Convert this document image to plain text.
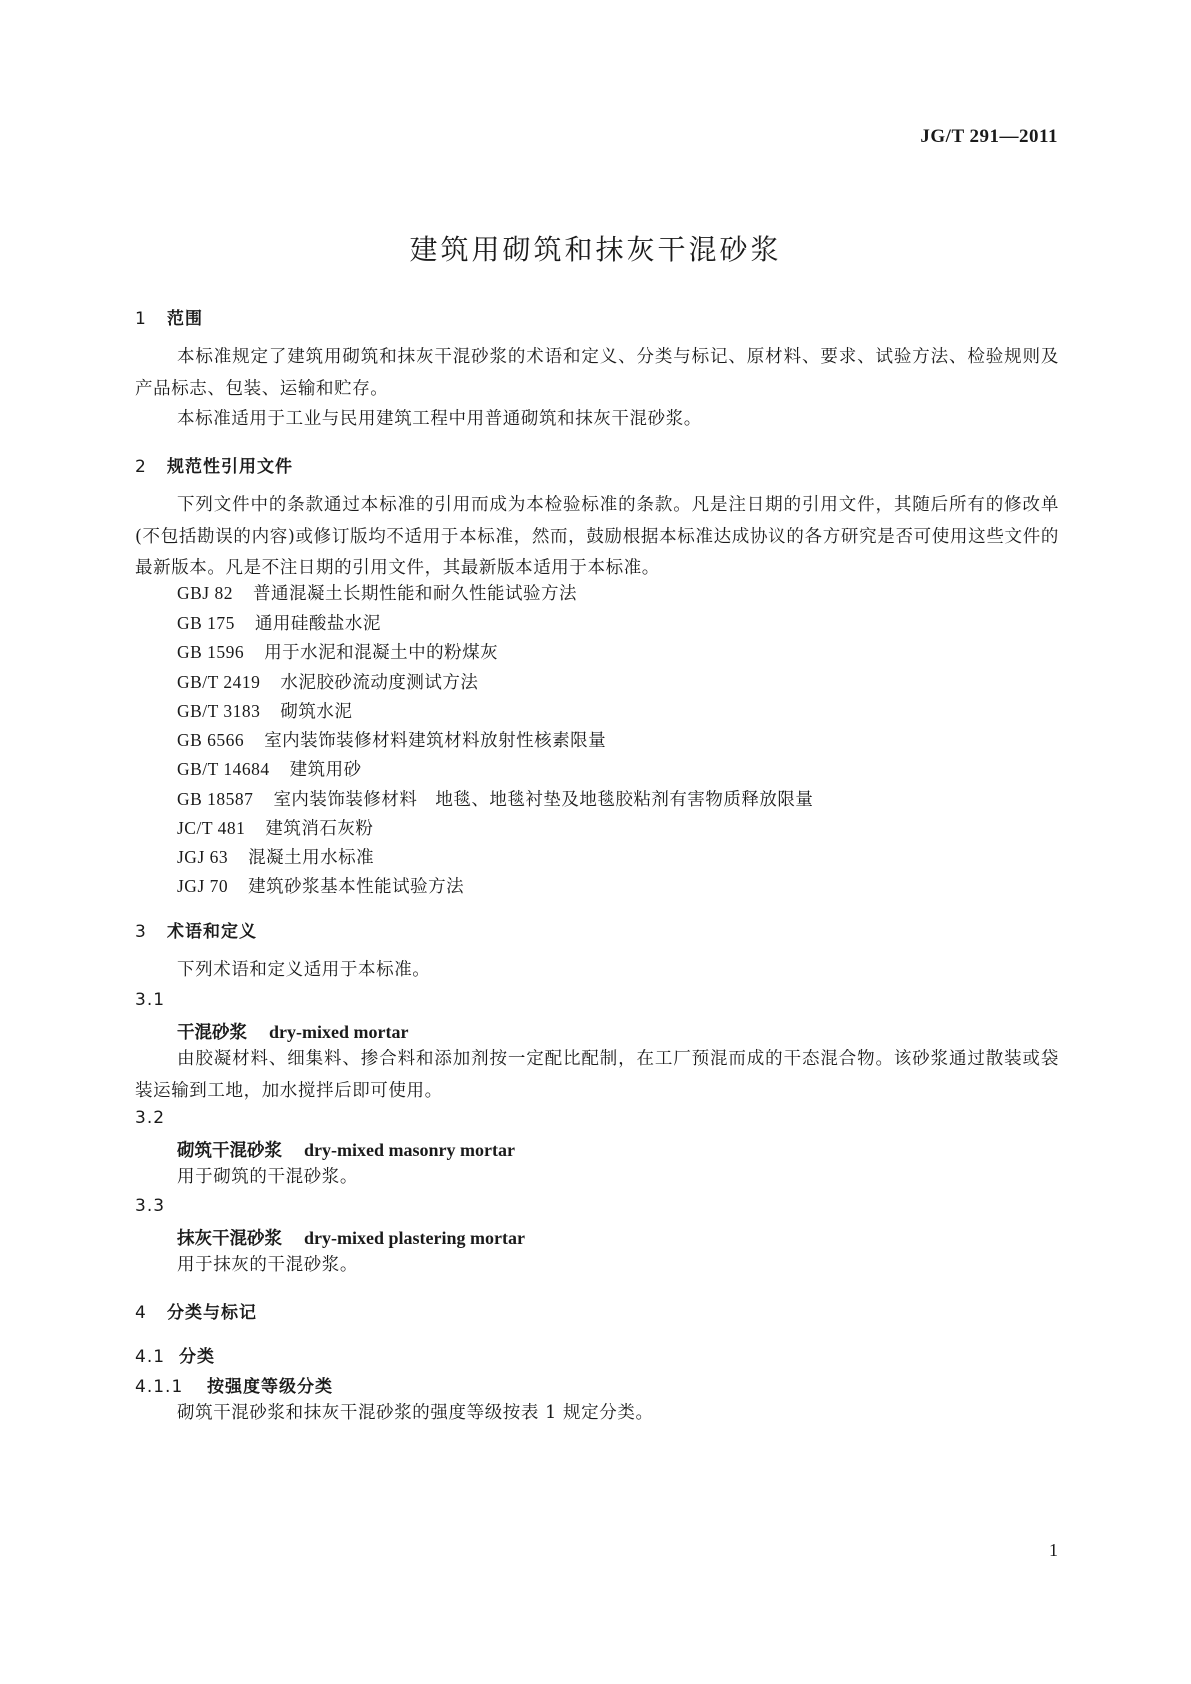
JG/T 291—2011
建筑用砌筑和抹灰干混砂浆
1 范围
本标准规定了建筑用砌筑和抹灰干混砂浆的术语和定义、分类与标记、原材料、要求、试验方法、检验规则及产品标志、包装、运输和贮存。
本标准适用于工业与民用建筑工程中用普通砌筑和抹灰干混砂浆。
2 规范性引用文件
下列文件中的条款通过本标准的引用而成为本检验标准的条款。凡是注日期的引用文件，其随后所有的修改单(不包括勘误的内容)或修订版均不适用于本标准，然而，鼓励根据本标准达成协议的各方研究是否可使用这些文件的最新版本。凡是不注日期的引用文件，其最新版本适用于本标准。
GBJ 82 普通混凝土长期性能和耐久性能试验方法
GB 175 通用硅酸盐水泥
GB 1596 用于水泥和混凝土中的粉煤灰
GB/T 2419 水泥胶砂流动度测试方法
GB/T 3183 砌筑水泥
GB 6566 室内装饰装修材料建筑材料放射性核素限量
GB/T 14684 建筑用砂
GB 18587 室内装饰装修材料　地毯、地毯衬垫及地毯胶粘剂有害物质释放限量
JC/T 481 建筑消石灰粉
JGJ 63 混凝土用水标准
JGJ 70 建筑砂浆基本性能试验方法
3 术语和定义
下列术语和定义适用于本标准。
3.1
干混砂浆 dry-mixed mortar
由胶凝材料、细集料、掺合料和添加剂按一定配比配制，在工厂预混而成的干态混合物。该砂浆通过散装或袋装运输到工地，加水搅拌后即可使用。
3.2
砌筑干混砂浆 dry-mixed masonry mortar
用于砌筑的干混砂浆。
3.3
抹灰干混砂浆 dry-mixed plastering mortar
用于抹灰的干混砂浆。
4 分类与标记
4.1 分类
4.1.1 按强度等级分类
砌筑干混砂浆和抹灰干混砂浆的强度等级按表 1 规定分类。
1
